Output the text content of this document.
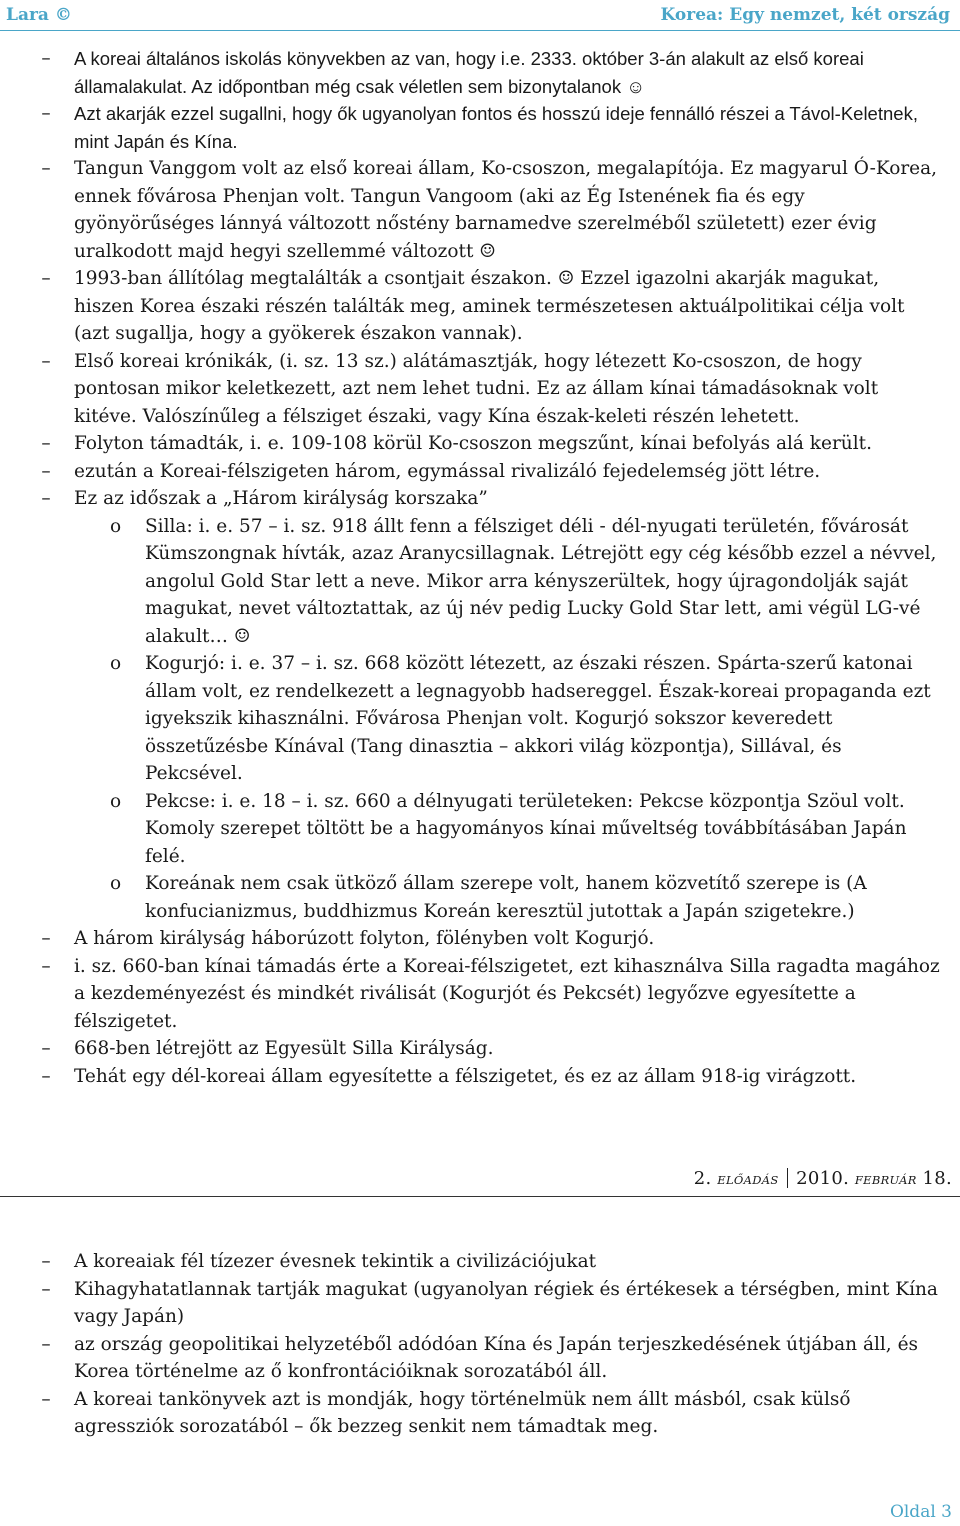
Lara ©	Korea: Egy nemzet, két ország
– A koreai általános iskolás könyvekben az van, hogy i.e. 2333. október 3-án alakult az első koreai államalakulat. Az időpontban még csak véletlen sem bizonytalanok ☺
– Azt akarják ezzel sugallni, hogy ők ugyanolyan fontos és hosszú ideje fennálló részei a Távol-Keletnek, mint Japán és Kína.
– Tangun Vanggom volt az első koreai állam, Ko-csoszon, megalapítója. Ez magyarul Ó-Korea, ennek fővárosa Phenjan volt. Tangun Vangoom (aki az Ég Istenének fia és egy gyönyörűséges lánnyá változott nőstény barnamedve szerelméből született) ezer évig uralkodott majd hegyi szellemmé változott ☺
– 1993-ban állítólag megtalálták a csontjait északon. ☺ Ezzel igazolni akarják magukat, hiszen Korea északi részén találták meg, aminek természetesen aktuálpolitikai célja volt (azt sugallja, hogy a gyökerek északon vannak).
– Első koreai krónikák, (i. sz. 13 sz.) alátámasztják, hogy létezett Ko-csoszon, de hogy pontosan mikor keletkezett, azt nem lehet tudni. Ez az állam kínai támadásoknak volt kitéve. Valószínűleg a félsziget északi, vagy Kína észak-keleti részén lehetett.
– Folyton támadták, i. e. 109-108 körül Ko-csoszon megszűnt, kínai befolyás alá került.
– ezután a Koreai-félszigeten három, egymással rivalizáló fejedelemség jött létre.
– Ez az időszak a „Három királyság korszaka”
o Silla: i. e. 57 – i. sz. 918 állt fenn a félsziget déli - dél-nyugati területén, fővárosát Kümszongnak hívták, azaz Aranycsillagnak. Létrejött egy cég később ezzel a névvel, angolul Gold Star lett a neve. Mikor arra kényszerültek, hogy újragondolják saját magukat, nevet változtattak, az új név pedig Lucky Gold Star lett, ami végül LG-vé alakult… ☺
o Kogurjó: i. e. 37 – i. sz. 668 között létezett, az északi részen. Spárta-szerű katonai állam volt, ez rendelkezett a legnagyobb hadsereggel. Észak-koreai propaganda ezt igyekszik kihasználni. Fővárosa Phenjan volt. Kogurjó sokszor keveredett összetűzésbe Kínával (Tang dinasztia – akkori világ központja), Sillával, és Pekcsével.
o Pekcse: i. e. 18 – i. sz. 660 a délnyugati területeken: Pekcse központja Szöul volt. Komoly szerepet töltött be a hagyományos kínai műveltség továbbításában Japán felé.
o Koreának nem csak ütköző állam szerepe volt, hanem közvetítő szerepe is (A konfucianizmus, buddhizmus Koreán keresztül jutottak a Japán szigetekre.)
– A három királyság háborúzott folyton, fölényben volt Kogurjó.
– i. sz. 660-ban kínai támadás érte a Koreai-félszigetet, ezt kihasználva Silla ragadta magához a kezdeményezést és mindkét riválisát (Kogurjót és Pekcsét) legyőzve egyesítette a félszigetet.
– 668-ben létrejött az Egyesült Silla Királyság.
– Tehát egy dél-koreai állam egyesítette a félszigetet, és ez az állam 918-ig virágzott.
2. ELŐADÁS 2010. FEBRUÁR 18.
– A koreaiak fél tízezer évesnek tekintik a civilizációjukat
– Kihagyhatatlannak tartják magukat (ugyanolyan régiek és értékesek a térségben, mint Kína vagy Japán)
– az ország geopolitikai helyzetéből adódóan Kína és Japán terjeszkedésének útjában áll, és Korea történelme az ő konfrontációiknak sorozatából áll.
– A koreai tankönyvek azt is mondják, hogy történelmük nem állt másból, csak külső agressziók sorozatából – ők bezzeg senkit nem támadtak meg.
Oldal 3
